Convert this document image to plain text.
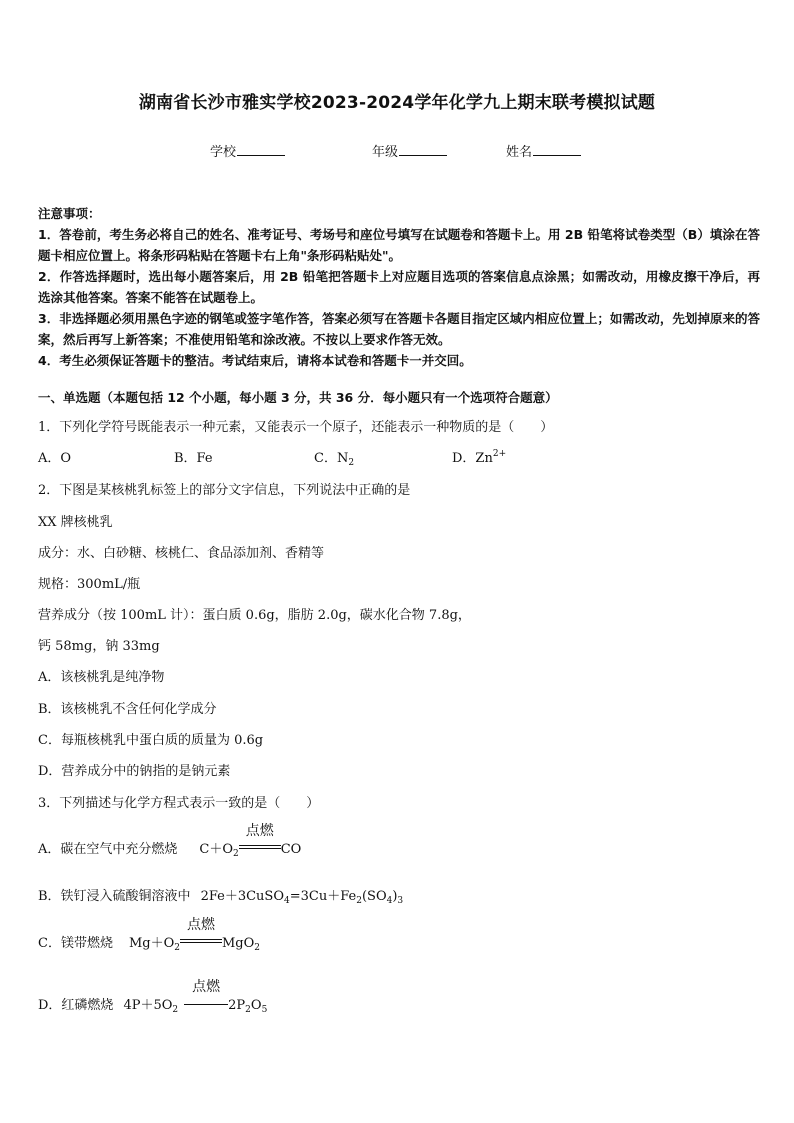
湖南省长沙市雅实学校2023-2024学年化学九上期末联考模拟试题
学校	年级	姓名

注意事项：

1．答卷前，考生务必将自己的姓名、准考证号、考场号和座位号填写在试题卷和答题卡上。用 2B 铅笔将试卷类型（B）填涂在答题卡相应位置上。将条形码粘贴在答题卡右上角"条形码粘贴处"。

2．作答选择题时，选出每小题答案后，用 2B 铅笔把答题卡上对应题目选项的答案信息点涂黑；如需改动，用橡皮擦干净后，再选涂其他答案。答案不能答在试题卷上。

3．非选择题必须用黑色字迹的钢笔或签字笔作答，答案必须写在答题卡各题目指定区域内相应位置上；如需改动，先划掉原来的答案，然后再写上新答案；不准使用铅笔和涂改液。不按以上要求作答无效。

4．考生必须保证答题卡的整洁。考试结束后，请将本试卷和答题卡一并交回。

一、单选题（本题包括 12 个小题，每小题 3 分，共 36 分．每小题只有一个选项符合题意）
1．下列化学符号既能表示一种元素，又能表示一个原子，还能表示一种物质的是（　　）
A．O	B．Fe	C．$N_2$	D．$Zn^{2+}$
2．下图是某核桃乳标签上的部分文字信息，下列说法中正确的是
XX 牌核桃乳
成分：水、白砂糖、核桃仁、食品添加剂、香精等
规格：300mL/瓶
营养成分（按 100mL 计）：蛋白质 0.6g，脂肪 2.0g，碳水化合物 7.8g，
钙 58mg，钠 33mg
A．该核桃乳是纯净物
B．该核桃乳不含任何化学成分
C．每瓶核桃乳中蛋白质的质量为 0.6g
D．营养成分中的钠指的是钠元素
3．下列描述与化学方程式表示一致的是（　　）
A．碳在空气中充分燃烧 $C+O_2$
点燃
CO
B．铁钉浸入硫酸铜溶液中 $2Fe+3CuSO_4=3Cu+Fe_2(SO_4)_3$
C．镁带燃烧 $Mg+O_2$
点燃
MgO$_2$
D．红磷燃烧 $4P+5O_2$
点燃
$2P_2O_5$
